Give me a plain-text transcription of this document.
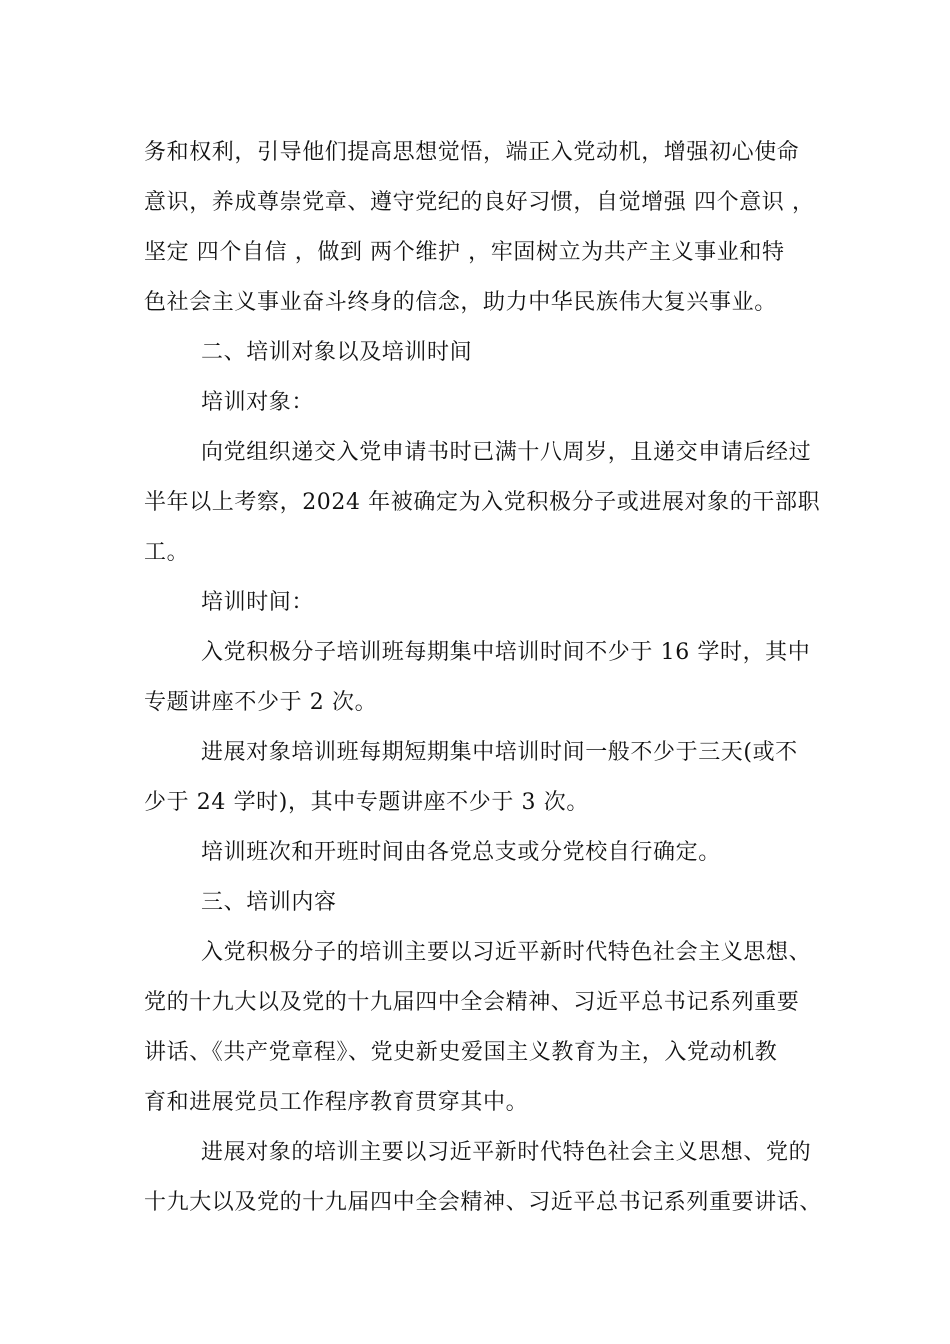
务和权利，引导他们提高思想觉悟，端正入党动机，增强初心使命
意识，养成尊崇党章、遵守党纪的良好习惯，自觉增强 四个意识 ，
坚定 四个自信 ，做到 两个维护 ，牢固树立为共产主义事业和特
色社会主义事业奋斗终身的信念，助力中华民族伟大复兴事业。
二、培训对象以及培训时间
培训对象：
向党组织递交入党申请书时已满十八周岁，且递交申请后经过
半年以上考察，2024 年被确定为入党积极分子或进展对象的干部职
工。
培训时间：
入党积极分子培训班每期集中培训时间不少于 16 学时，其中
专题讲座不少于 2 次。
进展对象培训班每期短期集中培训时间一般不少于三天(或不
少于 24 学时)，其中专题讲座不少于 3 次。
培训班次和开班时间由各党总支或分党校自行确定。
三、培训内容
入党积极分子的培训主要以习近平新时代特色社会主义思想、
党的十九大以及党的十九届四中全会精神、习近平总书记系列重要
讲话、《共产党章程》、党史新史爱国主义教育为主，入党动机教
育和进展党员工作程序教育贯穿其中。
进展对象的培训主要以习近平新时代特色社会主义思想、党的
十九大以及党的十九届四中全会精神、习近平总书记系列重要讲话、
